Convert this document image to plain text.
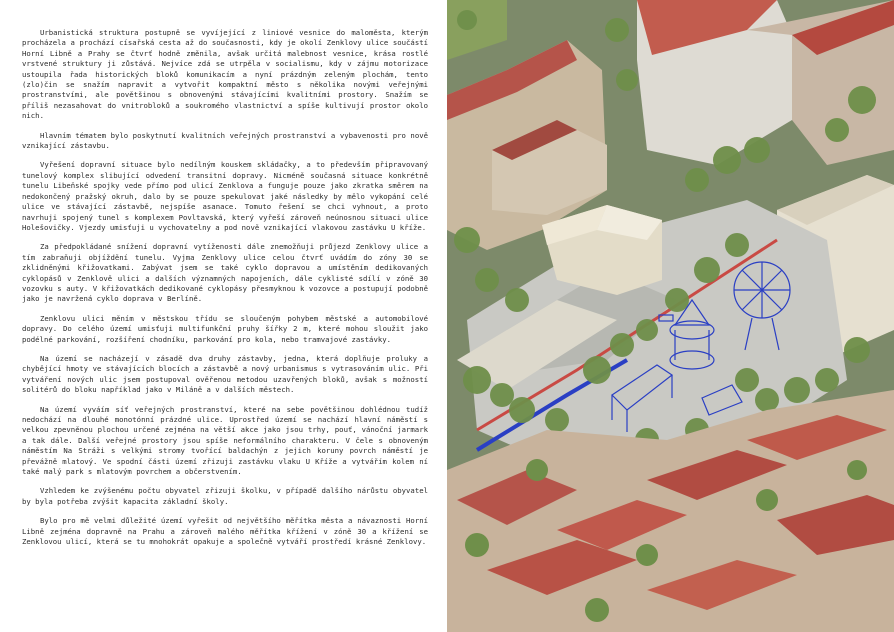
Urbanistická struktura postupně se vyvíjející z liniové vesnice do maloměsta, kterým procházela a prochází císařská cesta až do současnosti, kdy je okolí Zenklovy ulice součástí Horní Libně a Prahy se čtvrť hodně změnila, avšak určitá malebnost vesnice, krása rostlé vrstvené struktury ji zůstává. Nejvíce zdá se utrpěla v socialismu, kdy v zájmu motorizace ustoupila řada historických bloků komunikacím a nyní prázdným zeleným plochám, tento (zlo)čin se snažím napravit a vytvořit kompaktní město s několika novými veřejnými prostranstvími, ale povětšinou s obnovenými stávajícími kvalitními prostory. Snažím se příliš nezasahovat do vnitrobloků a soukromého vlastnictví a spíše kultivují prostor okolo nich.

Hlavním tématem bylo poskytnutí kvalitních veřejných prostranství a vybavenosti pro nově vznikající zástavbu.

Vyřešení dopravní situace bylo nedílným kouskem skládačky, a to především připravovaný tunelový komplex slibující odvedení transitní dopravy. Nicméně současná situace konkrétně tunelu Libeňské spojky vede přímo pod ulicí Zenklova a funguje pouze jako zkratka směrem na nedokončený pražský okruh, dalo by se pouze spekulovat jaké následky by mělo vykopání celé ulice ve stávající zástavbě, nejspíše asanace. Tomuto řešení se chci vyhnout, a proto navrhuji spojený tunel s komplexem Povltavská, který vyřeší zároveň neúnosnou situaci ulice Holešovičky. Vjezdy umisťuji u vychovatelny a pod nově vznikající vlakovou zastávku U křížе.

Za předpokládané snížení dopravní vytíženosti dále znemožňuji průjezd Zenklovy ulice a tím zabraňuji objíždění tunelu. Vyjma Zenklovy ulice celou čtvrť uvádím do zóny 30 se zklidněnými křižovatkami. Zabývat jsem se také cyklo dopravou a umístěním dedikovaných cyklopásů v Zenklově ulici a dalších významných napojeních, dále cyklisté sdílí v zóně 30 vozovku s auty. V křižovatkách dedikované cyklopásy přesmyknou k vozovce a postupují podobně jako je navržená cyklo doprava v Berlíně.

Zenklovu ulici měním v městskou třídu se sloučeným pohybem městské a automobilové dopravy. Do celého území umisťuji multifunkční pruhy šířky 2 m, které mohou sloužit jako podélné parkování, rozšíření chodníku, parkování pro kola, nebo tramvajové zastávky.

Na území se nacházejí v zásadě dva druhy zástavby, jedna, která doplňuje proluky a chybějící hmoty ve stávajících blocích a zástavbě a nový urbanismus s vytrasováním ulic. Při vytváření nových ulic jsem postupoval ověřenou metodou uzavřených bloků, avšak s možností solitérů do bloku například jako v Miláně a v dalších městech.

Na území vyváím síť veřejných prostranství, které na sebe povětšinou dohlédnou tudíž nedochází na dlouhé monotónní prázdné ulice. Uprostřed území se nachází hlavní náměstí s velkou zpevněnou plochou určené zejména na větší akce jako jsou trhy, pouť, vánoční jarmark a tak dále. Další veřejné prostory jsou spíše neformálního charakteru. V čele s obnoveným náměstím Na Stráži s velkými stromy tvořící baldachýn z jejich koruny povrch náměstí je převážně mlatový. Ve spodní části území zřizuji zastávku vlaku U Kříže a vytvářím kolem ní také malý park s mlatovým povrchem a občerstvením.

Vzhledem ke zvýšenému počtu obyvatel zřizuji školku, v případě dalšího nárůstu obyvatel by byla potřeba zvýšit kapacita základní školy.

Bylo pro mě velmi důležité území vyřešit od největšího měřítka města a návaznosti Horní Libně zejména dopravně na Prahu a zároveň malého měřítka křížení v zóně 30 a křížení se Zenklovou ulicí, která se tu mnohokrát opakuje a společně vytváří prostředí krásné Zenklovy.
